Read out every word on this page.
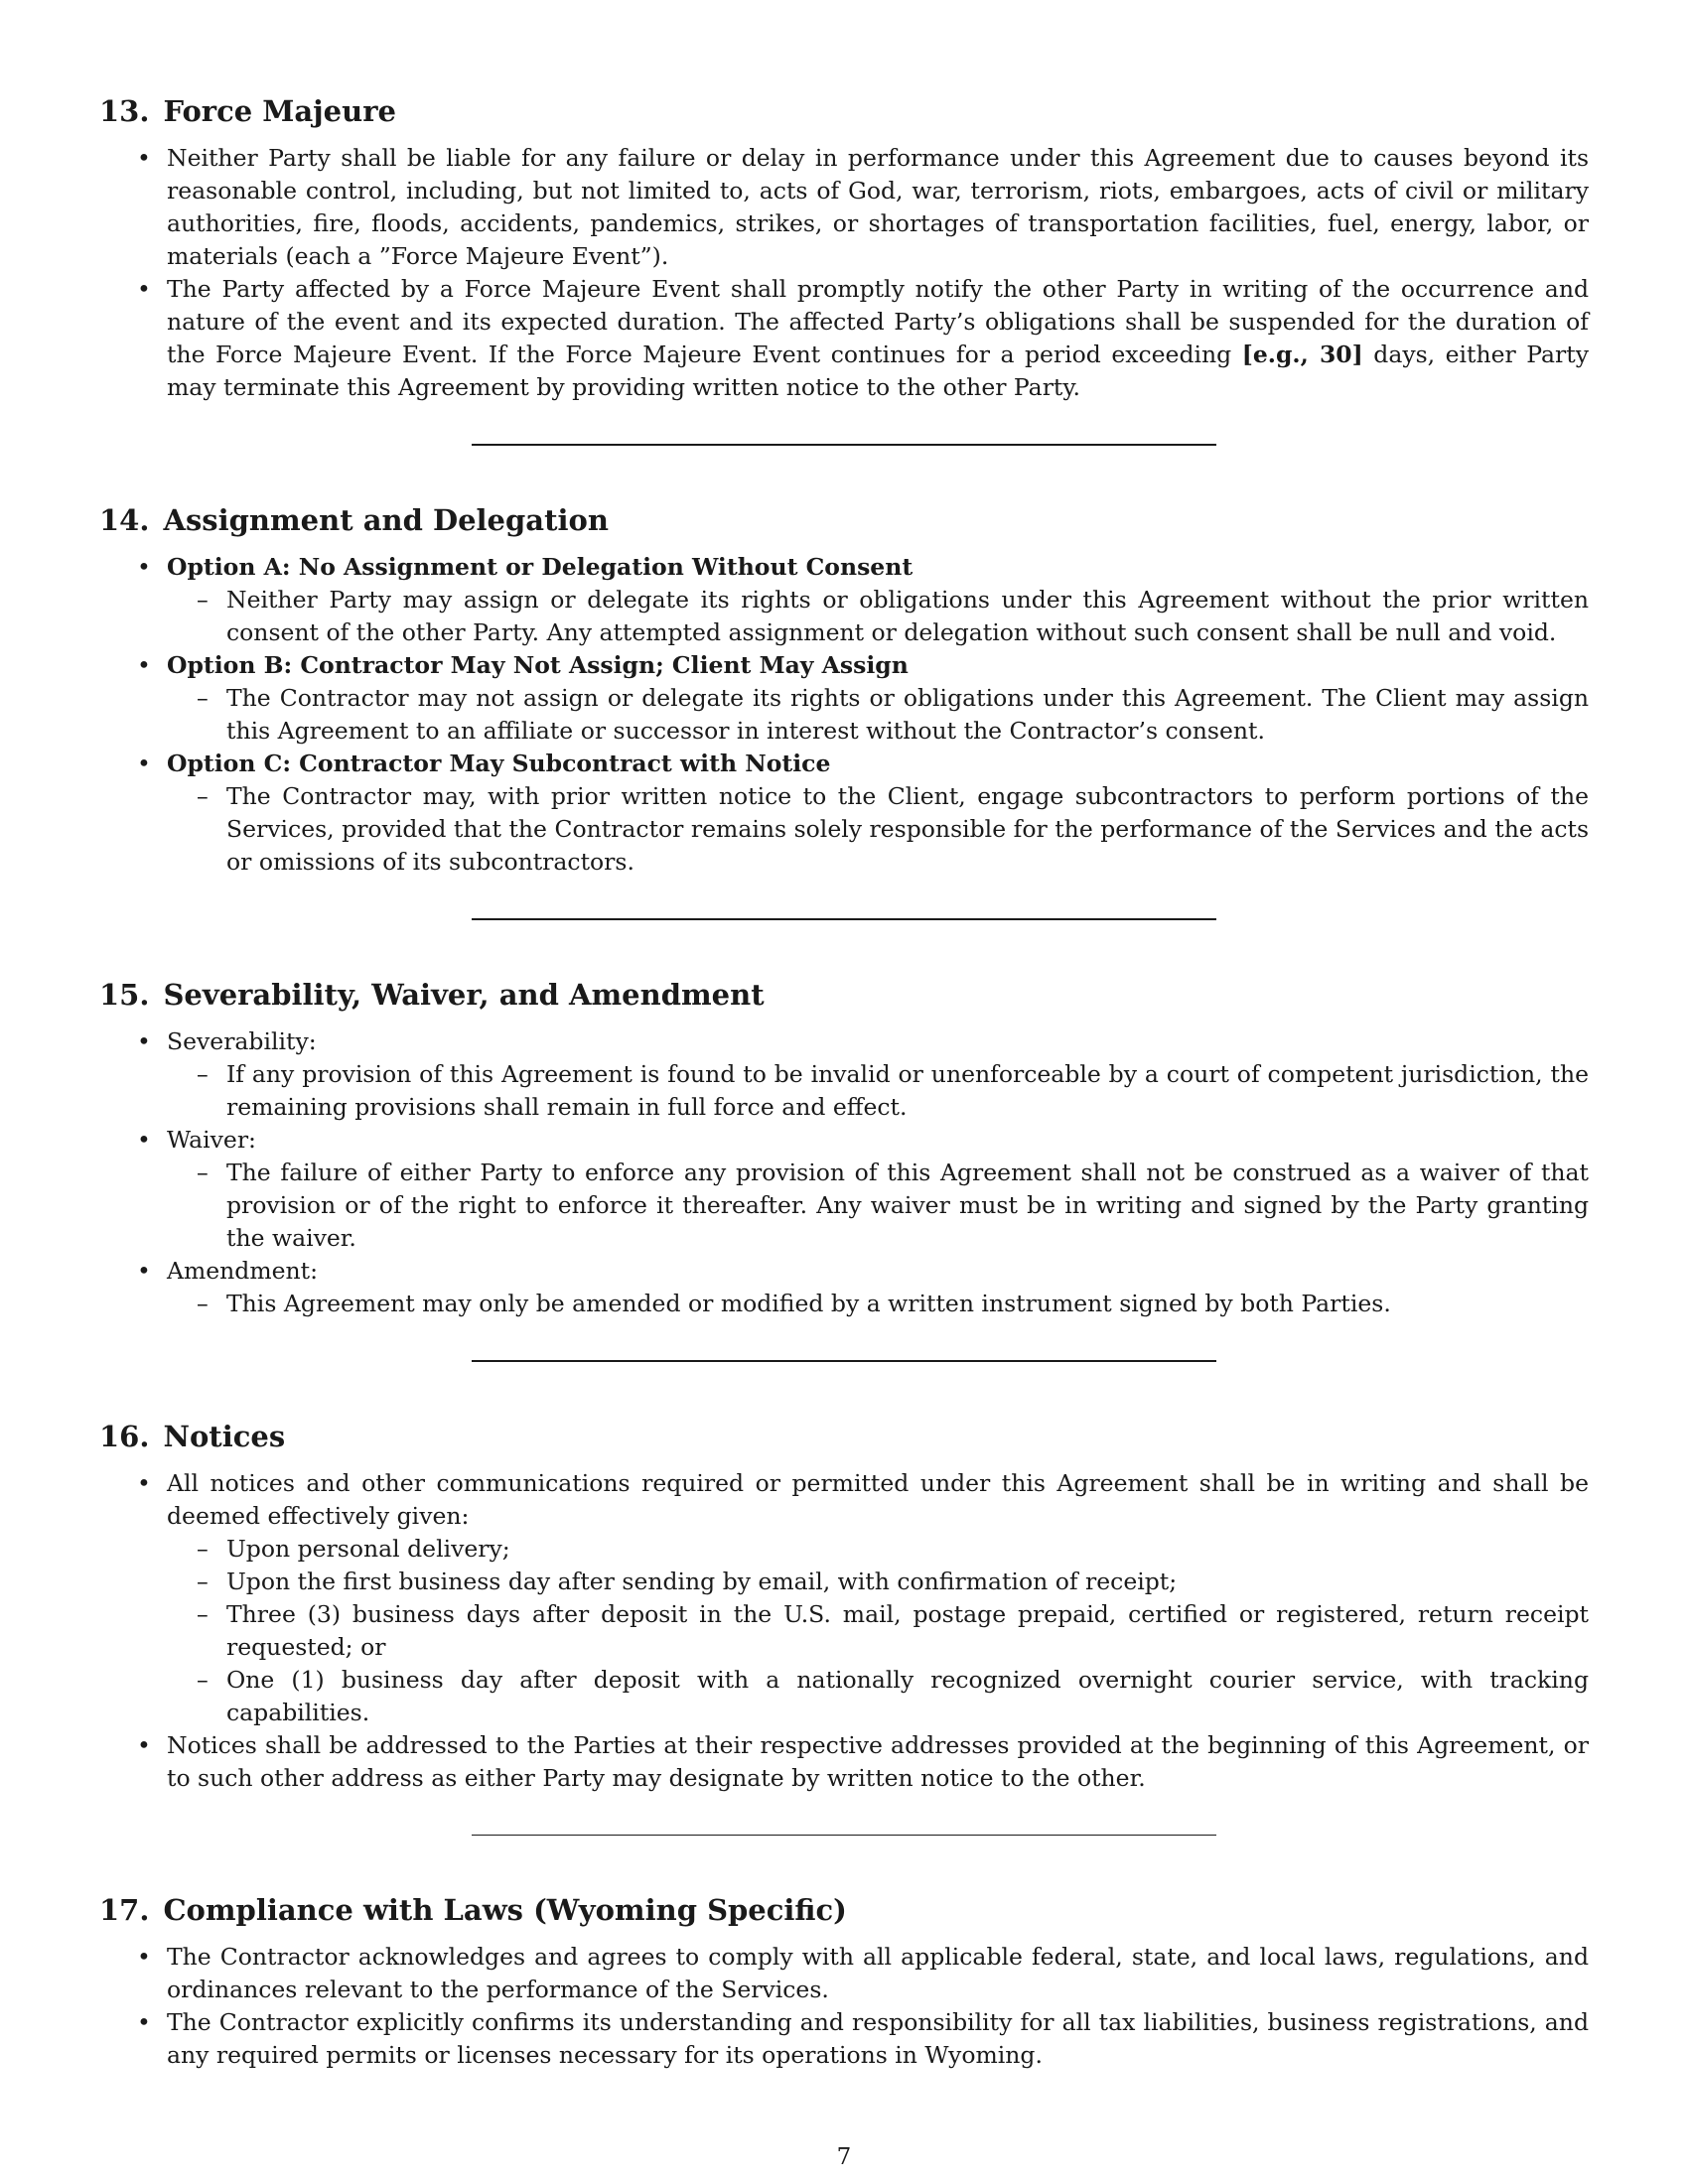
13. Force Majeure
• Neither Party shall be liable for any failure or delay in performance under this Agreement due to causes beyond its reasonable control, including, but not limited to, acts of God, war, terrorism, riots, embargoes, acts of civil or military authorities, fire, floods, accidents, pandemics, strikes, or shortages of transportation facilities, fuel, energy, labor, or materials (each a ”Force Majeure Event”).
• The Party affected by a Force Majeure Event shall promptly notify the other Party in writing of the occurrence and nature of the event and its expected duration. The affected Party’s obligations shall be suspended for the duration of the Force Majeure Event. If the Force Majeure Event continues for a period exceeding [e.g., 30] days, either Party may terminate this Agreement by providing written notice to the other Party.
14. Assignment and Delegation
• Option A: No Assignment or Delegation Without Consent
– Neither Party may assign or delegate its rights or obligations under this Agreement without the prior written consent of the other Party. Any attempted assignment or delegation without such consent shall be null and void.
• Option B: Contractor May Not Assign; Client May Assign
– The Contractor may not assign or delegate its rights or obligations under this Agreement. The Client may assign this Agreement to an affiliate or successor in interest without the Contractor’s consent.
• Option C: Contractor May Subcontract with Notice
– The Contractor may, with prior written notice to the Client, engage subcontractors to perform portions of the Services, provided that the Contractor remains solely responsible for the performance of the Services and the acts or omissions of its subcontractors.
15. Severability, Waiver, and Amendment
• Severability:
– If any provision of this Agreement is found to be invalid or unenforceable by a court of competent jurisdiction, the remaining provisions shall remain in full force and effect.
• Waiver:
– The failure of either Party to enforce any provision of this Agreement shall not be construed as a waiver of that provision or of the right to enforce it thereafter. Any waiver must be in writing and signed by the Party granting the waiver.
• Amendment:
– This Agreement may only be amended or modified by a written instrument signed by both Parties.
16. Notices
• All notices and other communications required or permitted under this Agreement shall be in writing and shall be deemed effectively given:
– Upon personal delivery;
– Upon the first business day after sending by email, with confirmation of receipt;
– Three (3) business days after deposit in the U.S. mail, postage prepaid, certified or registered, return receipt requested; or
– One (1) business day after deposit with a nationally recognized overnight courier service, with tracking capabilities.
• Notices shall be addressed to the Parties at their respective addresses provided at the beginning of this Agreement, or to such other address as either Party may designate by written notice to the other.
17. Compliance with Laws (Wyoming Specific)
• The Contractor acknowledges and agrees to comply with all applicable federal, state, and local laws, regulations, and ordinances relevant to the performance of the Services.
• The Contractor explicitly confirms its understanding and responsibility for all tax liabilities, business registrations, and any required permits or licenses necessary for its operations in Wyoming.
7
